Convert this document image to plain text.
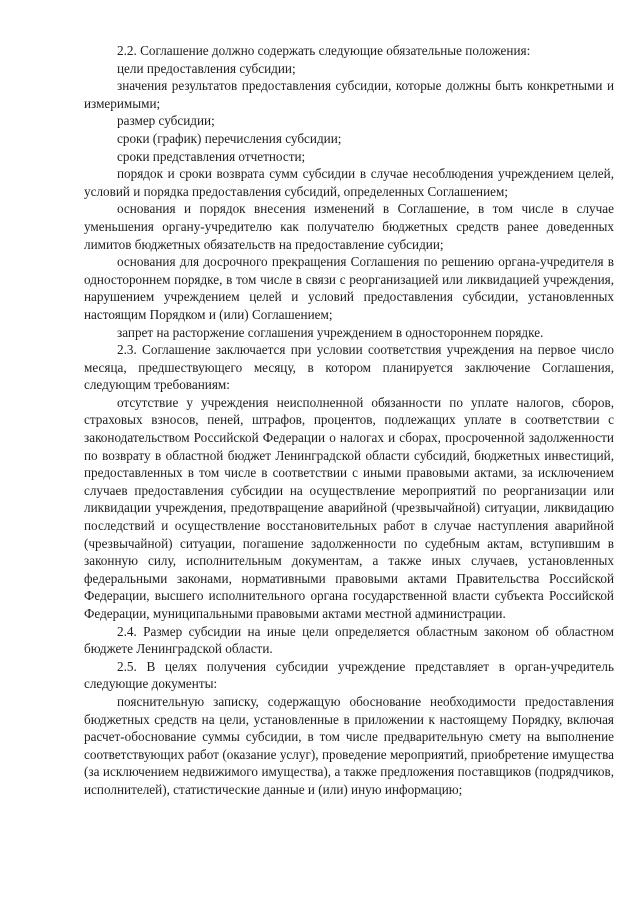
2.2. Соглашение должно содержать следующие обязательные положения:

цели предоставления субсидии;

значения результатов предоставления субсидии, которые должны быть конкретными и измеримыми;

размер субсидии;

сроки (график) перечисления субсидии;

сроки представления отчетности;

порядок и сроки возврата сумм субсидии в случае несоблюдения учреждением целей, условий и порядка предоставления субсидий, определенных Соглашением;

основания и порядок внесения изменений в Соглашение, в том числе в случае уменьшения органу-учредителю как получателю бюджетных средств ранее доведенных лимитов бюджетных обязательств на предоставление субсидии;

основания для досрочного прекращения Соглашения по решению органа-учредителя в одностороннем порядке, в том числе в связи с реорганизацией или ликвидацией учреждения, нарушением учреждением целей и условий предоставления субсидии, установленных настоящим Порядком и (или) Соглашением;

запрет на расторжение соглашения учреждением в одностороннем порядке.

2.3. Соглашение заключается при условии соответствия учреждения на первое число месяца, предшествующего месяцу, в котором планируется заключение Соглашения, следующим требованиям:

отсутствие у учреждения неисполненной обязанности по уплате налогов, сборов, страховых взносов, пеней, штрафов, процентов, подлежащих уплате в соответствии с законодательством Российской Федерации о налогах и сборах, просроченной задолженности по возврату в областной бюджет Ленинградской области субсидий, бюджетных инвестиций, предоставленных в том числе в соответствии с иными правовыми актами, за исключением случаев предоставления субсидии на осуществление мероприятий по реорганизации или ликвидации учреждения, предотвращение аварийной (чрезвычайной) ситуации, ликвидацию последствий и осуществление восстановительных работ в случае наступления аварийной (чрезвычайной) ситуации, погашение задолженности по судебным актам, вступившим в законную силу, исполнительным документам, а также иных случаев, установленных федеральными законами, нормативными правовыми актами Правительства Российской Федерации, высшего исполнительного органа государственной власти субъекта Российской Федерации, муниципальными правовыми актами местной администрации.

2.4. Размер субсидии на иные цели определяется областным законом об областном бюджете Ленинградской области.

2.5. В целях получения субсидии учреждение представляет в орган-учредитель следующие документы:

пояснительную записку, содержащую обоснование необходимости предоставления бюджетных средств на цели, установленные в приложении к настоящему Порядку, включая расчет-обоснование суммы субсидии, в том числе предварительную смету на выполнение соответствующих работ (оказание услуг), проведение мероприятий, приобретение имущества (за исключением недвижимого имущества), а также предложения поставщиков (подрядчиков, исполнителей), статистические данные и (или) иную информацию;
